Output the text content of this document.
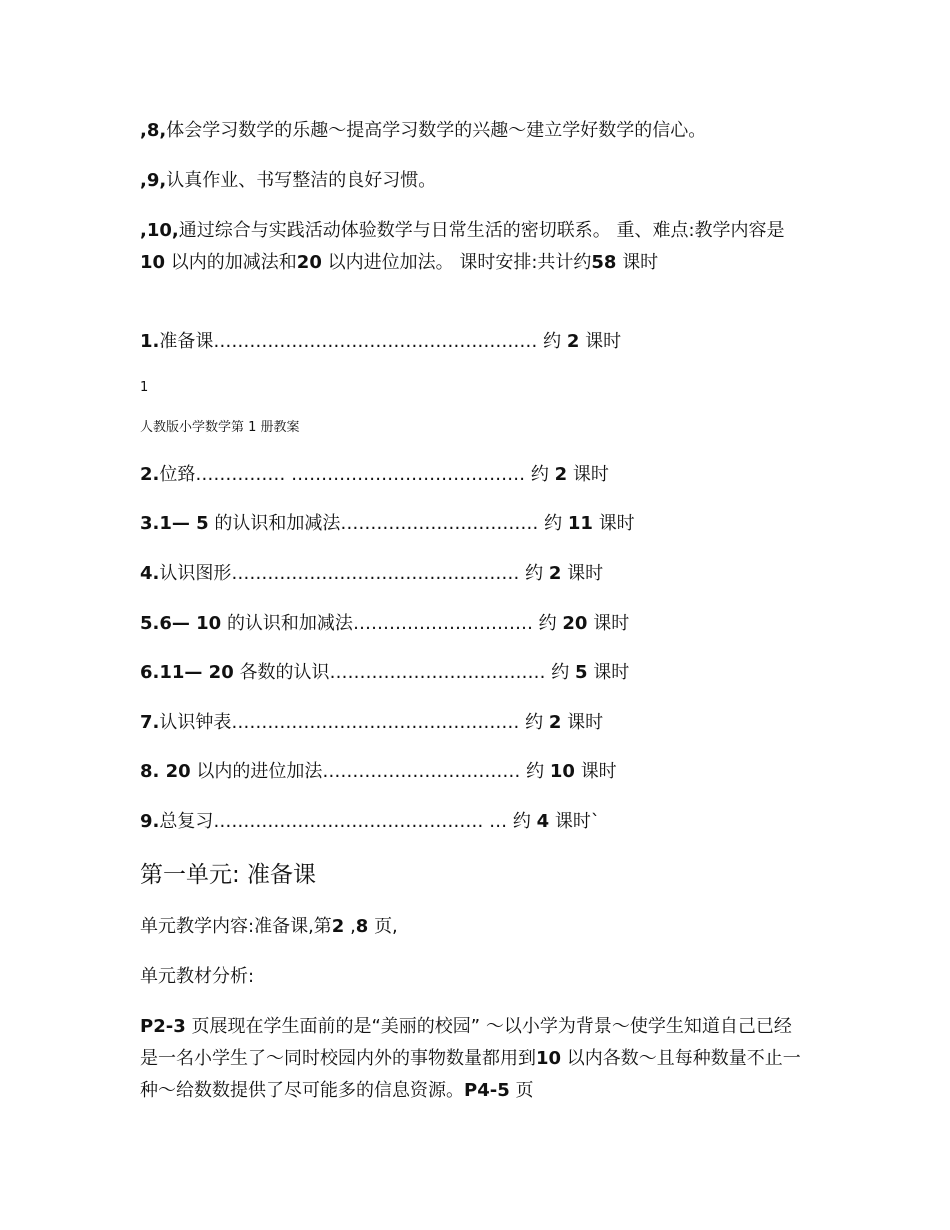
,8,体会学习数学的乐趣～提高学习数学的兴趣～建立学好数学的信心。

,9,认真作业、书写整洁的良好习惯。

,10,通过综合与实践活动体验数学与日常生活的密切联系。 重、难点:教学内容是10 以内的加减法和20 以内进位加法。 课时安排:共计约58 课时

1.准备课……………………………………………… 约 2 课时

1

人教版小学数学第 1 册教案

2.位臵…………… ………………………………… 约 2 课时

3.1— 5 的认识和加减法…………………………… 约 11 课时

4.认识图形………………………………………… 约 2 课时

5.6— 10 的认识和加减法………………………… 约 20 课时

6.11— 20 各数的认识……………………………… 约 5 课时

7.认识钟表………………………………………… 约 2 课时

8. 20 以内的进位加法…………………………… 约 10 课时

9.总复习……………………………………… … 约 4 课时`

第一单元: 准备课

单元教学内容:准备课,第2 ,8 页,

单元教材分析:

P2-3 页展现在学生面前的是“美丽的校园” ～以小学为背景～使学生知道自己已经是一名小学生了～同时校园内外的事物数量都用到10 以内各数～且每种数量不止一种～给数数提供了尽可能多的信息资源。P4-5 页
